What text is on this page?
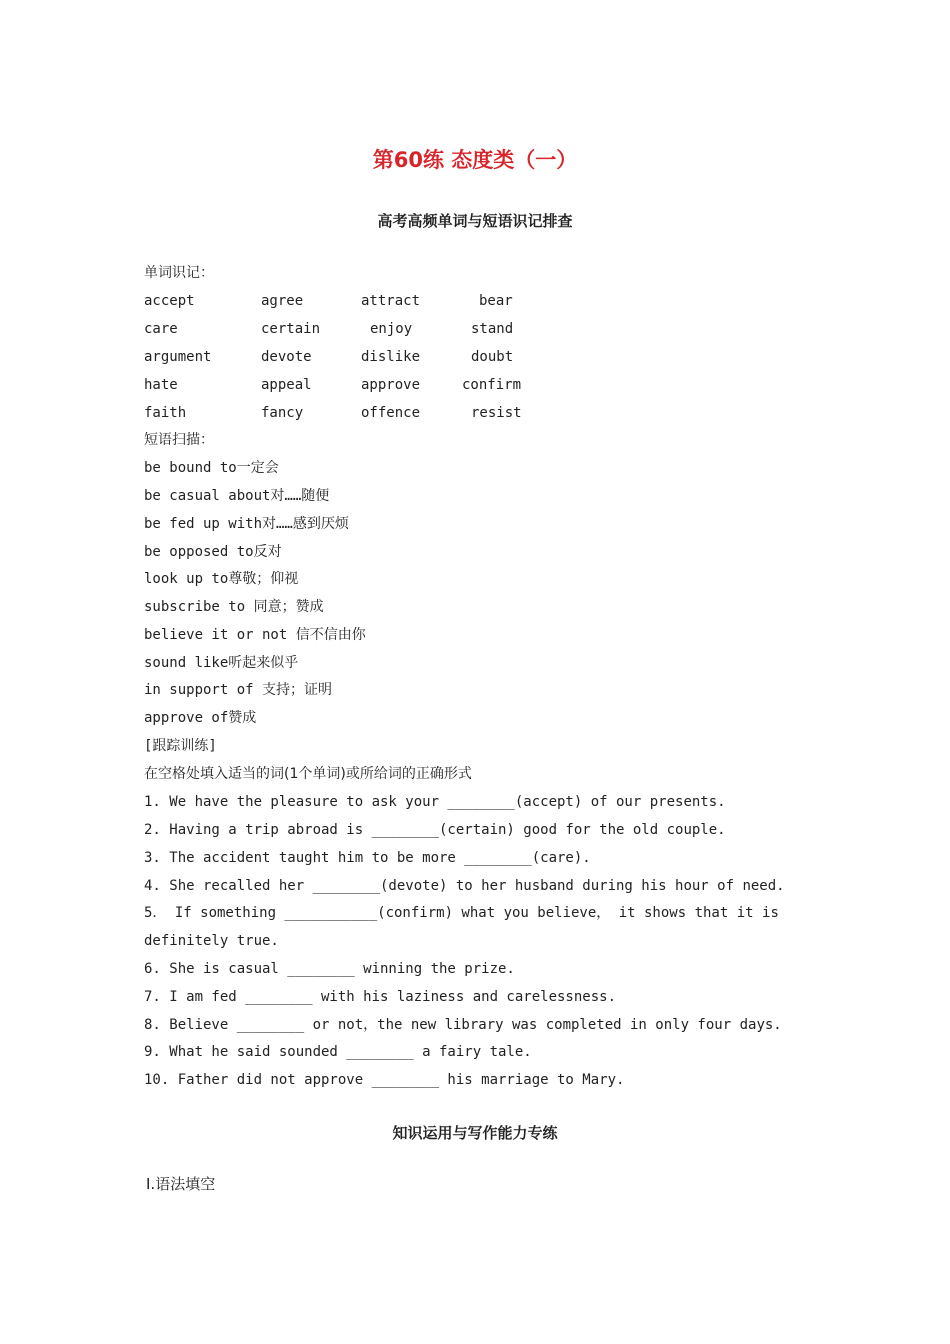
第60练 态度类（一）
高考高频单词与短语识记排查
单词识记：
accept	agree	attract	bear
care	certain	enjoy	stand
argument	devote	dislike	doubt
hate	appeal	approve	confirm
faith	fancy	offence	resist
短语扫描：
be bound to一定会
be casual about对……随便
be fed up with对……感到厌烦
be opposed to反对
look up to尊敬；仰视
subscribe to 同意；赞成
believe it or not 信不信由你
sound like听起来似乎
in support of 支持；证明
approve of赞成
[跟踪训练]
在空格处填入适当的词(1个单词)或所给词的正确形式
1. We have the pleasure to ask your ________(accept) of our presents.
2. Having a trip abroad is ________(certain) good for the old couple.
3. The accident taught him to be more ________(care).
4. She recalled her ________(devote) to her husband during his hour of need.
5． If something ___________(confirm) what you believe， it shows that it is
definitely true.
6. She is casual ________ winning the prize.
7. I am fed ________ with his laziness and carelessness.
8. Believe ________ or not，the new library was completed in only four days.
9. What he said sounded ________ a fairy tale.
10. Father did not approve ________ his marriage to Mary.
知识运用与写作能力专练
Ⅰ.语法填空
